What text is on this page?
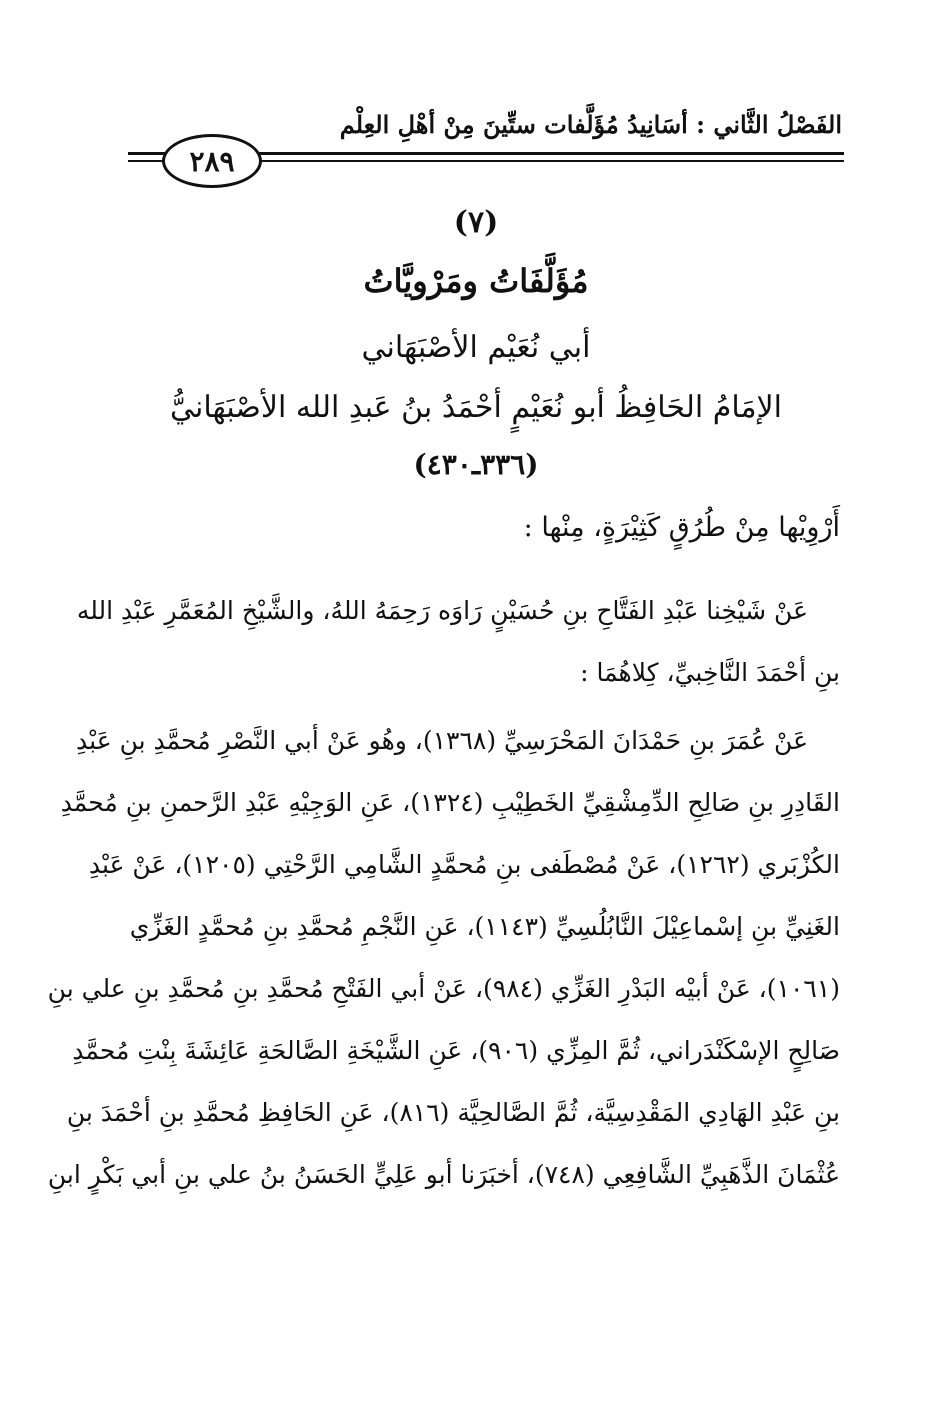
الفَصْلُ الثَّاني : أسَانِيدُ مُؤَلَّفات ستِّينَ مِنْ أهْلِ العِلْم
٢٨٩
(٧)
مُؤَلَّفَاتُ ومَرْويَّاتُ
أبي نُعَيْم الأصْبَهَاني
الإمَامُ الحَافِظُ أبو نُعَيْمٍ أحْمَدُ بنُ عَبدِ الله الأصْبَهَانيُّ
(٣٣٦ـ٤٣٠)
أَرْوِيْها مِنْ طُرُقٍ كَثِيْرَةٍ، مِنْها :
عَنْ شَيْخِنا عَبْدِ الفَتَّاحِ بنِ حُسَيْنٍ رَاوَه رَحِمَهُ اللهُ، والشَّيْخِ المُعَمَّرِ عَبْدِ الله
بنِ أحْمَدَ النَّاخِبيِّ، كِلاهُمَا :
عَنْ عُمَرَ بنِ حَمْدَانَ المَحْرَسِيِّ (١٣٦٨)، وهُو عَنْ أبي النَّصْرِ مُحمَّدِ بنِ عَبْدِ
القَادِرِ بنِ صَالِحِ الدِّمِشْقِيِّ الخَطِيْبِ (١٣٢٤)، عَنِ الوَجِيْهِ عَبْدِ الرَّحمنِ بنِ مُحمَّدِ
الكُزْبَري (١٢٦٢)، عَنْ مُصْطَفى بنِ مُحمَّدٍ الشَّامِي الرَّحْتِي (١٢٠٥)، عَنْ عَبْدِ
الغَنِيِّ بنِ إسْماعِيْلَ النَّابُلُسِيِّ (١١٤٣)، عَنِ النَّجْمِ مُحمَّدِ بنِ مُحمَّدٍ الغَزِّي
(١٠٦١)، عَنْ أبيْه البَدْرِ الغَزِّي (٩٨٤)، عَنْ أبي الفَتْحِ مُحمَّدِ بنِ مُحمَّدِ بنِ علي بنِ
صَالِحٍ الإسْكَنْدَراني، ثُمَّ المِزِّي (٩٠٦)، عَنِ الشَّيْخَةِ الصَّالحَةِ عَائِشَةَ بِنْتِ مُحمَّدِ
بنِ عَبْدِ الهَادِي المَقْدِسِيَّة، ثُمَّ الصَّالحِيَّة (٨١٦)، عَنِ الحَافِظِ مُحمَّدِ بنِ أحْمَدَ بنِ
عُثْمَانَ الذَّهَبِيِّ الشَّافِعِي (٧٤٨)، أخبَرَنا أبو عَلِيٍّ الحَسَنُ بنُ علي بنِ أبي بَكْرٍ ابنِ
